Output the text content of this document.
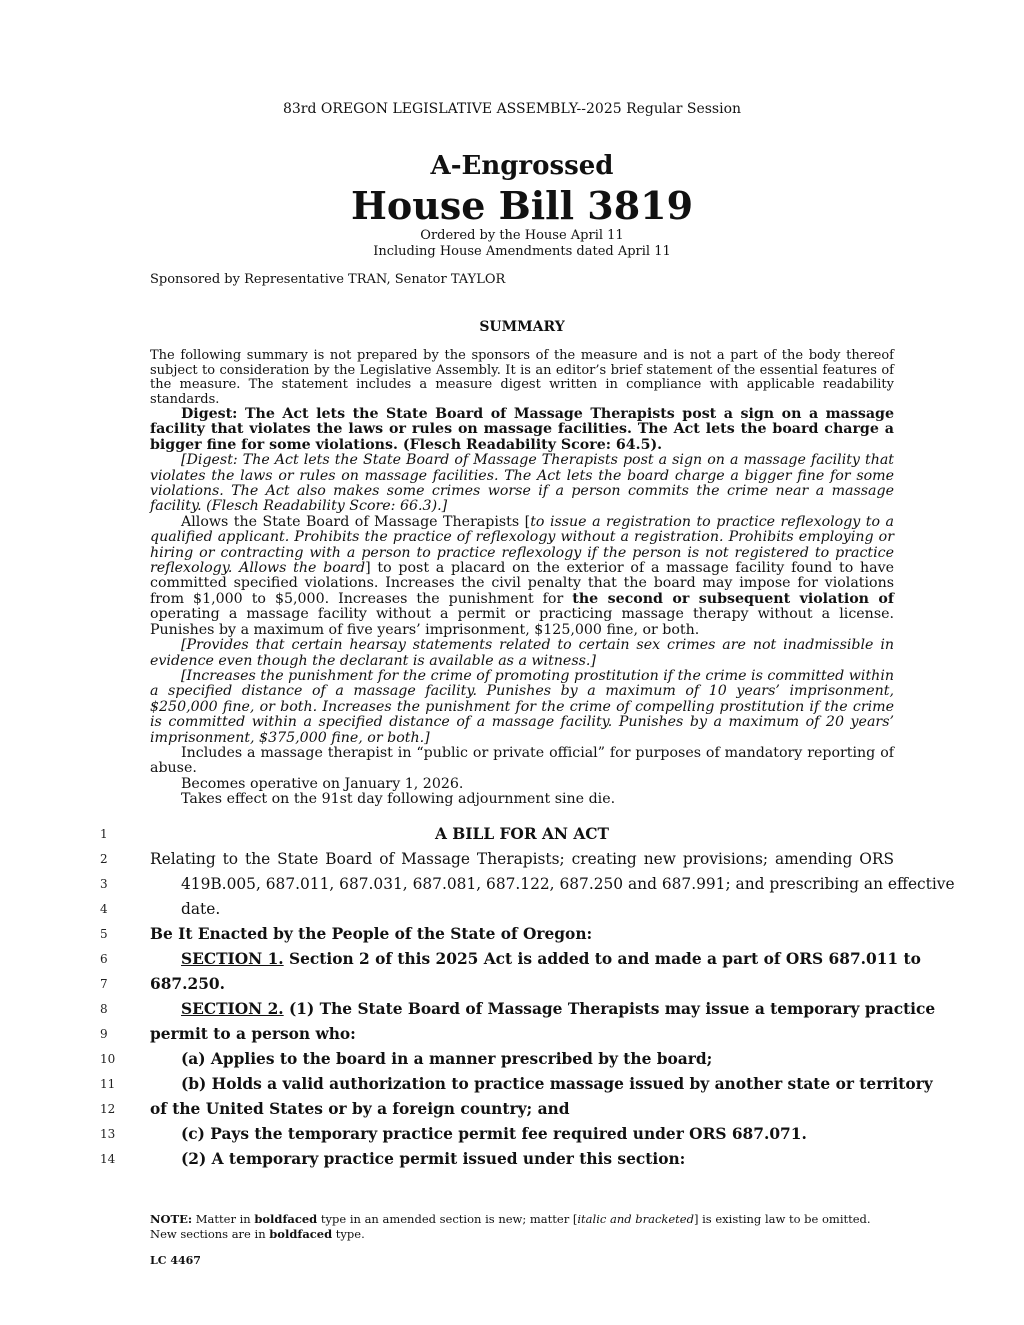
83rd OREGON LEGISLATIVE ASSEMBLY--2025 Regular Session
A-Engrossed
House Bill 3819
Ordered by the House April 11
Including House Amendments dated April 11
Sponsored by Representative TRAN, Senator TAYLOR
SUMMARY
The following summary is not prepared by the sponsors of the measure and is not a part of the body thereof subject to consideration by the Legislative Assembly. It is an editor’s brief statement of the essential features of the measure. The statement includes a measure digest written in compliance with applicable readability standards.

Digest: The Act lets the State Board of Massage Therapists post a sign on a massage facility that violates the laws or rules on massage facilities. The Act lets the board charge a bigger fine for some violations. (Flesch Readability Score: 64.5).

[Digest: The Act lets the State Board of Massage Therapists post a sign on a massage facility that violates the laws or rules on massage facilities. The Act lets the board charge a bigger fine for some violations. The Act also makes some crimes worse if a person commits the crime near a massage facility. (Flesch Readability Score: 66.3).]

Allows the State Board of Massage Therapists [to issue a registration to practice reflexology to a qualified applicant. Prohibits the practice of reflexology without a registration. Prohibits employing or hiring or contracting with a person to practice reflexology if the person is not registered to practice reflexology. Allows the board] to post a placard on the exterior of a massage facility found to have committed specified violations. Increases the civil penalty that the board may impose for violations from $1,000 to $5,000. Increases the punishment for the second or subsequent violation of operating a massage facility without a permit or practicing massage therapy without a license. Punishes by a maximum of five years’ imprisonment, $125,000 fine, or both.

[Provides that certain hearsay statements related to certain sex crimes are not inadmissible in evidence even though the declarant is available as a witness.]

[Increases the punishment for the crime of promoting prostitution if the crime is committed within a specified distance of a massage facility. Punishes by a maximum of 10 years’ imprisonment, $250,000 fine, or both. Increases the punishment for the crime of compelling prostitution if the crime is committed within a specified distance of a massage facility. Punishes by a maximum of 20 years’ imprisonment, $375,000 fine, or both.]

Includes a massage therapist in “public or private official” for purposes of mandatory reporting of abuse.

Becomes operative on January 1, 2026.

Takes effect on the 91st day following adjournment sine die.

1	A BILL FOR AN ACT
2	Relating to the State Board of Massage Therapists; creating new provisions; amending ORS
3	419B.005, 687.011, 687.031, 687.081, 687.122, 687.250 and 687.991; and prescribing an effective
4	date.
5	Be It Enacted by the People of the State of Oregon:
6	SECTION 1. Section 2 of this 2025 Act is added to and made a part of ORS 687.011 to
7	687.250.
8	SECTION 2. (1) The State Board of Massage Therapists may issue a temporary practice
9	permit to a person who:
10	(a) Applies to the board in a manner prescribed by the board;
11	(b) Holds a valid authorization to practice massage issued by another state or territory
12	of the United States or by a foreign country; and
13	(c) Pays the temporary practice permit fee required under ORS 687.071.
14	(2) A temporary practice permit issued under this section:
NOTE: Matter in boldfaced type in an amended section is new; matter [italic and bracketed] is existing law to be omitted.
New sections are in boldfaced type.
LC 4467
